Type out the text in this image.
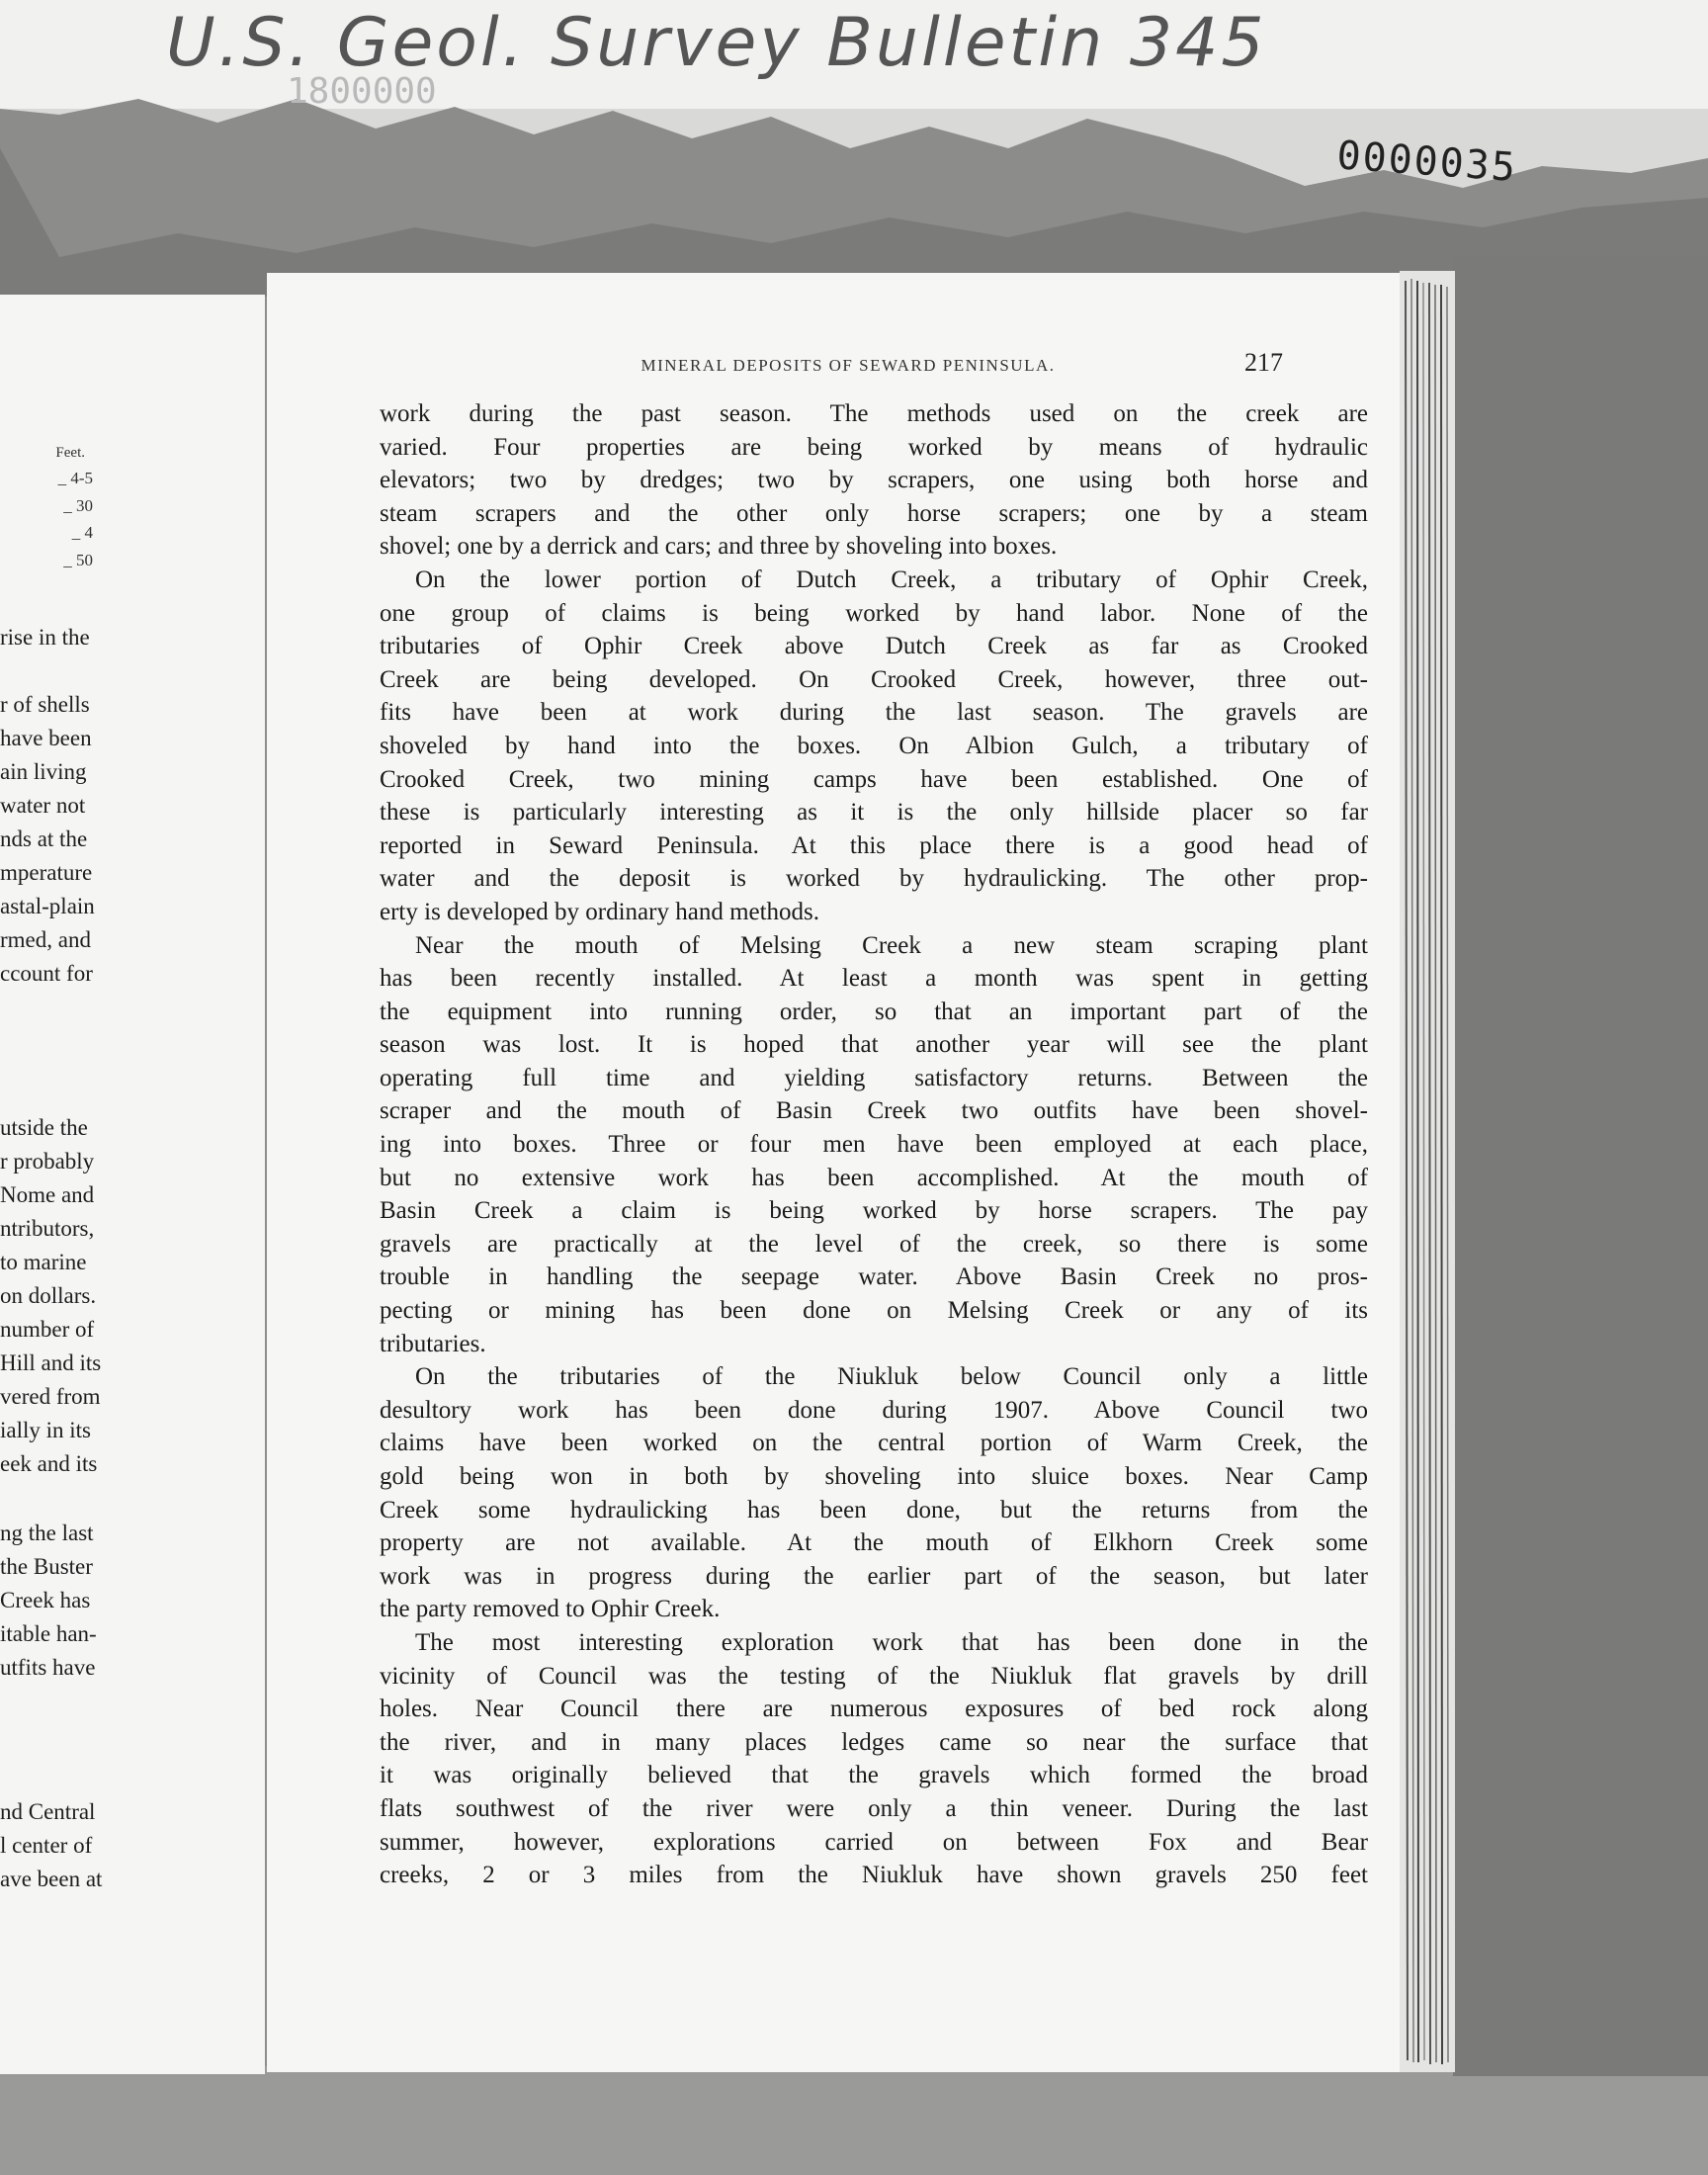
U.S. Geol. Survey Bulletin 345
1800000
0000035
Feet.
_ 4-5
_ 30
_ 4
_ 50
rise in the
r of shells
have been
ain living
water not
nds at the
mperature
astal-plain
rmed, and
ccount for
utside the
r probably
Nome and
ntributors,
to marine
on dollars.
number of
Hill and its
vered from
ially in its
eek and its
ng the last
the Buster
Creek has
itable han-
utfits have
nd Central
l center of
ave been at
MINERAL DEPOSITS OF SEWARD PENINSULA.	217
work during the past season. The methods used on the creek are
varied. Four properties are being worked by means of hydraulic
elevators; two by dredges; two by scrapers, one using both horse and
steam scrapers and the other only horse scrapers; one by a steam
shovel; one by a derrick and cars; and three by shoveling into boxes.
On the lower portion of Dutch Creek, a tributary of Ophir Creek,
one group of claims is being worked by hand labor. None of the
tributaries of Ophir Creek above Dutch Creek as far as Crooked
Creek are being developed. On Crooked Creek, however, three out-
fits have been at work during the last season. The gravels are
shoveled by hand into the boxes. On Albion Gulch, a tributary of
Crooked Creek, two mining camps have been established. One of
these is particularly interesting as it is the only hillside placer so far
reported in Seward Peninsula. At this place there is a good head of
water and the deposit is worked by hydraulicking. The other prop-
erty is developed by ordinary hand methods.
Near the mouth of Melsing Creek a new steam scraping plant
has been recently installed. At least a month was spent in getting
the equipment into running order, so that an important part of the
season was lost. It is hoped that another year will see the plant
operating full time and yielding satisfactory returns. Between the
scraper and the mouth of Basin Creek two outfits have been shovel-
ing into boxes. Three or four men have been employed at each place,
but no extensive work has been accomplished. At the mouth of
Basin Creek a claim is being worked by horse scrapers. The pay
gravels are practically at the level of the creek, so there is some
trouble in handling the seepage water. Above Basin Creek no pros-
pecting or mining has been done on Melsing Creek or any of its
tributaries.
On the tributaries of the Niukluk below Council only a little
desultory work has been done during 1907. Above Council two
claims have been worked on the central portion of Warm Creek, the
gold being won in both by shoveling into sluice boxes. Near Camp
Creek some hydraulicking has been done, but the returns from the
property are not available. At the mouth of Elkhorn Creek some
work was in progress during the earlier part of the season, but later
the party removed to Ophir Creek.
The most interesting exploration work that has been done in the
vicinity of Council was the testing of the Niukluk flat gravels by drill
holes. Near Council there are numerous exposures of bed rock along
the river, and in many places ledges came so near the surface that
it was originally believed that the gravels which formed the broad
flats southwest of the river were only a thin veneer. During the last
summer, however, explorations carried on between Fox and Bear
creeks, 2 or 3 miles from the Niukluk have shown gravels 250 feet
